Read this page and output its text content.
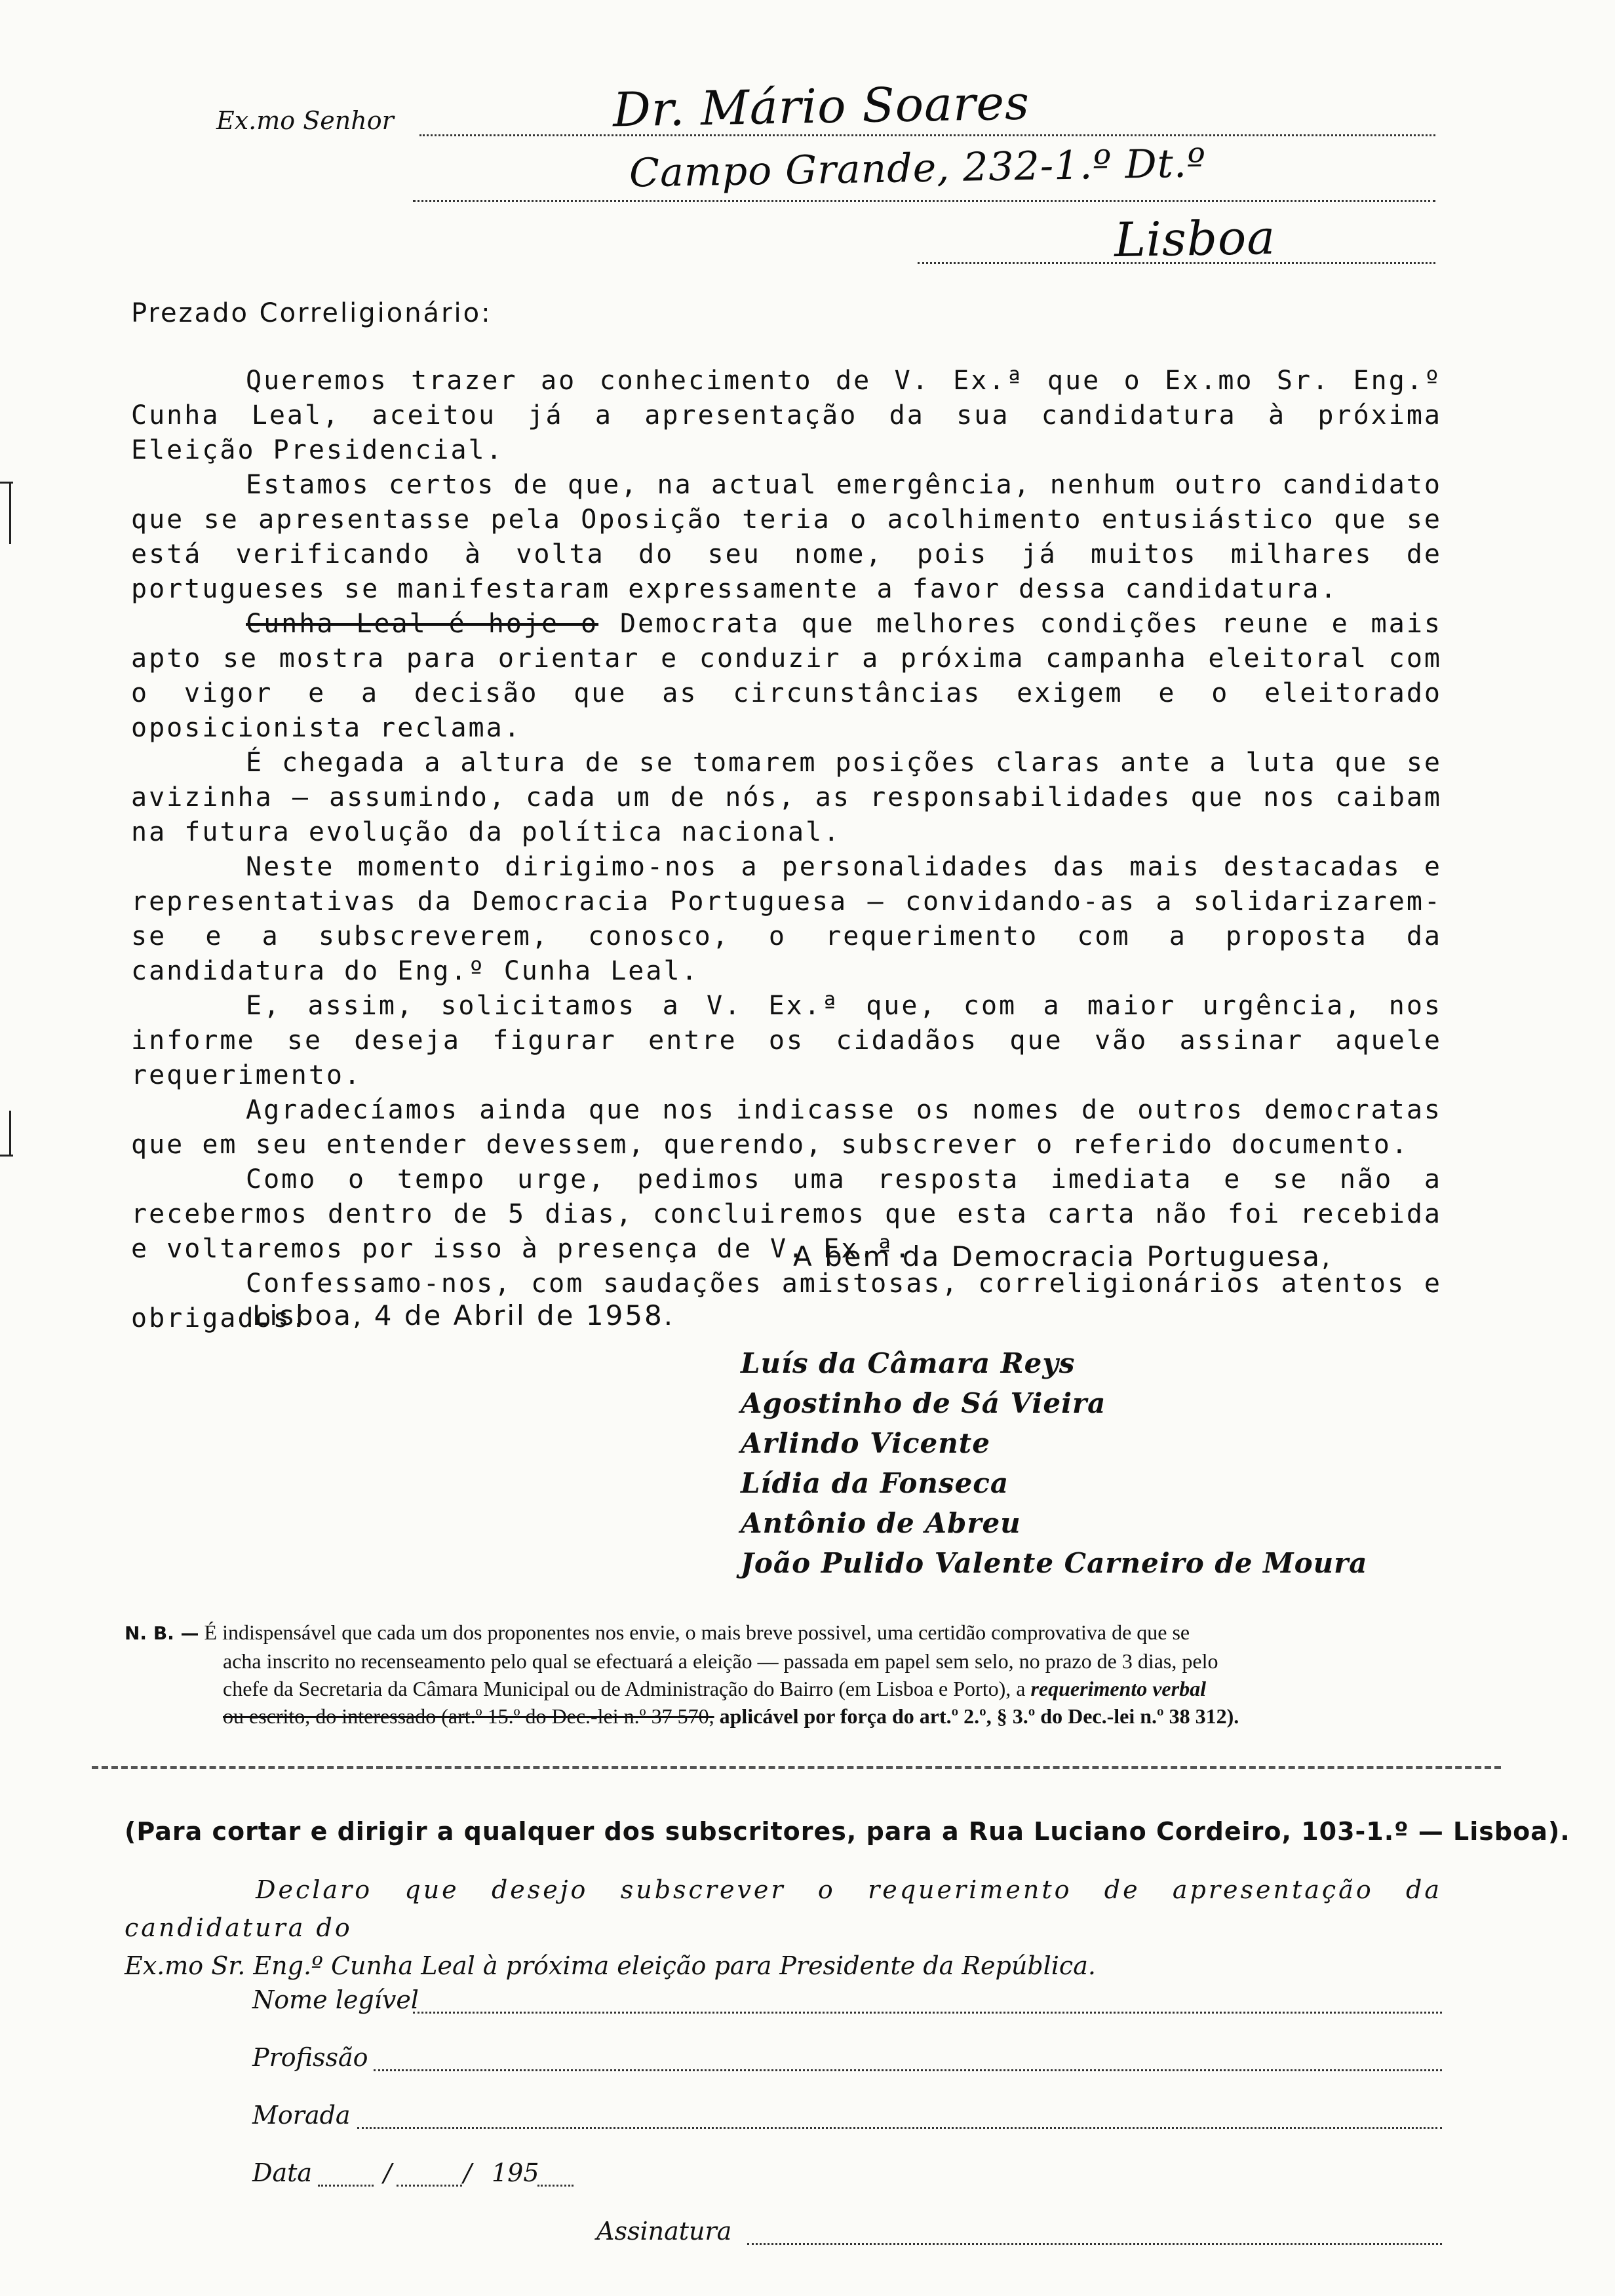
Ex.mo Senhor	Dr. Mário Soares
Campo Grande, 232-1.º Dt.º
Lisboa
Prezado Correligionário:

Queremos trazer ao conhecimento de V. Ex.ª que o Ex.mo Sr. Eng.º Cunha Leal, aceitou já a apresentação da sua candidatura à próxima Eleição Presidencial.

Estamos certos de que, na actual emergência, nenhum outro candidato que se apresentasse pela Oposição teria o acolhimento entusiástico que se está verificando à volta do seu nome, pois já muitos milhares de portugueses se manifestaram expressamente a favor dessa candidatura.

Cunha Leal é hoje o Democrata que melhores condições reune e mais apto se mostra para orientar e conduzir a próxima campanha eleitoral com o vigor e a decisão que as circunstâncias exigem e o eleitorado oposicionista reclama.

É chegada a altura de se tomarem posições claras ante a luta que se avizinha — assumindo, cada um de nós, as responsabilidades que nos caibam na futura evolução da política nacional.

Neste momento dirigimo-nos a personalidades das mais destacadas e representativas da Democracia Portuguesa — convidando-as a solidarizarem-se e a subscreverem, conosco, o requerimento com a proposta da candidatura do Eng.º Cunha Leal.

E, assim, solicitamos a V. Ex.ª que, com a maior urgência, nos informe se deseja figurar entre os cidadãos que vão assinar aquele requerimento.

Agradecíamos ainda que nos indicasse os nomes de outros democratas que em seu entender devessem, querendo, subscrever o referido documento.

Como o tempo urge, pedimos uma resposta imediata e se não a recebermos dentro de 5 dias, concluiremos que esta carta não foi recebida e voltaremos por isso à presença de V. Ex.ª.

Confessamo-nos, com saudações amistosas, correligionários atentos e obrigados.

A bem da Democracia Portuguesa,
Lisboa, 4 de Abril de 1958.
Luís da Câmara Reys
Agostinho de Sá Vieira
Arlindo Vicente
Lídia da Fonseca
Antônio de Abreu
João Pulido Valente Carneiro de Moura
N. B. — É indispensável que cada um dos proponentes nos envie, o mais breve possivel, uma certidão comprovativa de que se
acha inscrito no recenseamento pelo qual se efectuará a eleição — passada em papel sem selo, no prazo de 3 dias, pelo
chefe da Secretaria da Câmara Municipal ou de Administração do Bairro (em Lisboa e Porto), a requerimento verbal
ou escrito, do interessado (art.º 15.º do Dec.-lei n.º 37 570, aplicável por força do art.º 2.º, § 3.º do Dec.-lei n.º 38 312).
(Para cortar e dirigir a qualquer dos subscritores, para a Rua Luciano Cordeiro, 103-1.º — Lisboa).
Declaro que desejo subscrever o requerimento de apresentação da candidatura do
Ex.mo Sr. Eng.º Cunha Leal à próxima eleição para Presidente da República.
Nome legível
Profissão
Morada
Data	/	/ 195
Assinatura
